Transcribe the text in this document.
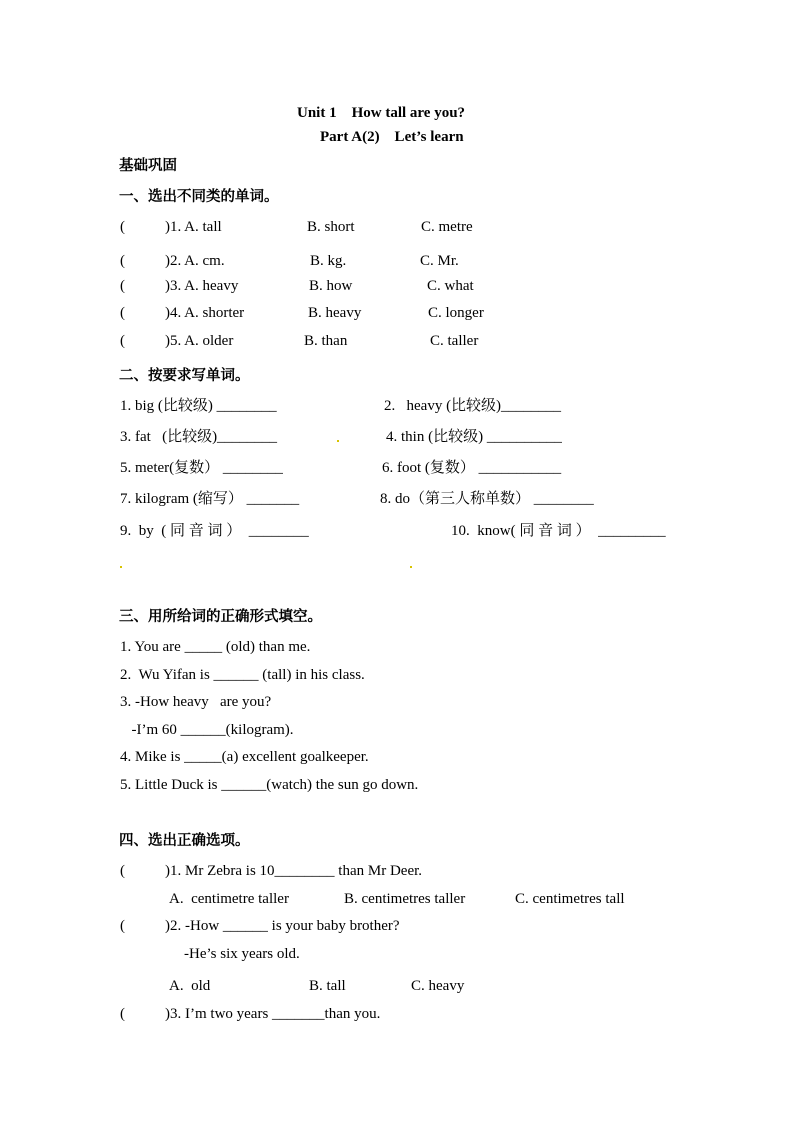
Unit 1    How tall are you?
Part A(2)    Let’s learn
基础巩固
一、选出不同类的单词。
(	)1. A. tall	B. short	C. metre
(	)2. A. cm.	B. kg.	C. Mr.
(	)3. A. heavy	B. how	C. what
(	)4. A. shorter	B. heavy	C. longer
(	)5. A. older	B. than	C. taller
二、按要求写单词。
1. big (比较级) ________	2.   heavy (比较级)________
3. fat   (比较级)________	4. thin (比较级) __________
5. meter(复数） ________	6. foot (复数） ___________
7. kilogram (缩写） _______	8. do（第三人称单数） ________
9.  by  ( 同 音 词 ）  ________	10.  know( 同 音 词 ）  _________
三、用所给词的正确形式填空。
1. You are _____ (old) than me.
2.  Wu Yifan is ______ (tall) in his class.
3. -How heavy   are you?
-I’m 60 ______(kilogram).
4. Mike is _____(a) excellent goalkeeper.
5. Little Duck is ______(watch) the sun go down.
四、选出正确选项。
(	)1. Mr Zebra is 10________ than Mr Deer.
A.  centimetre taller	B. centimetres taller	C. centimetres tall
(	)2. -How ______ is your baby brother?
-He’s six years old.
A.  old	B. tall	C. heavy
(	)3. I’m two years _______than you.
